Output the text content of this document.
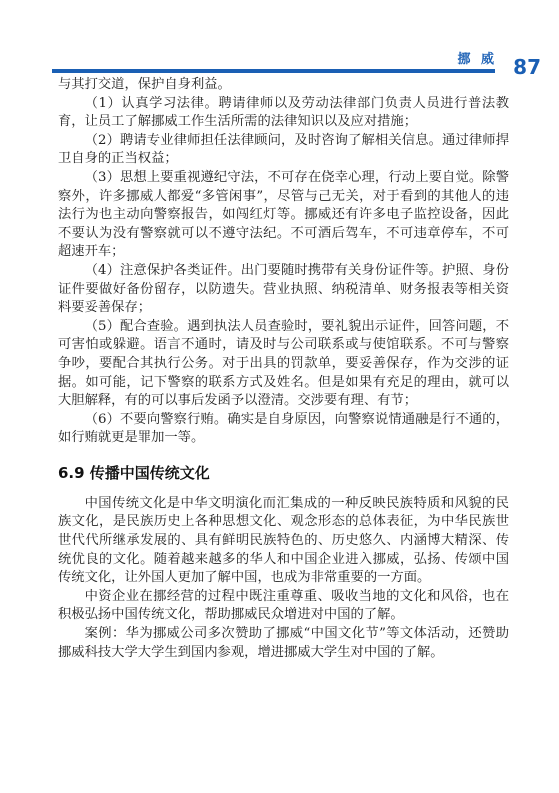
挪 威 87

与其打交道，保护自身利益。

（1）认真学习法律。聘请律师以及劳动法律部门负责人员进行普法教育，让员工了解挪威工作生活所需的法律知识以及应对措施；

（2）聘请专业律师担任法律顾问，及时咨询了解相关信息。通过律师捍卫自身的正当权益；

（3）思想上要重视遵纪守法，不可存在侥幸心理，行动上要自觉。除警察外，许多挪威人都爱“多管闲事”，尽管与己无关，对于看到的其他人的违法行为也主动向警察报告，如闯红灯等。挪威还有许多电子监控设备，因此不要认为没有警察就可以不遵守法纪。不可酒后驾车，不可违章停车，不可超速开车；

（4）注意保护各类证件。出门要随时携带有关身份证件等。护照、身份证件要做好备份留存，以防遗失。营业执照、纳税清单、财务报表等相关资料要妥善保存；

（5）配合查验。遇到执法人员查验时，要礼貌出示证件，回答问题，不可害怕或躲避。语言不通时，请及时与公司联系或与使馆联系。不可与警察争吵，要配合其执行公务。对于出具的罚款单，要妥善保存，作为交涉的证据。如可能，记下警察的联系方式及姓名。但是如果有充足的理由，就可以大胆解释，有的可以事后发函予以澄清。交涉要有理、有节；

（6）不要向警察行贿。确实是自身原因，向警察说情通融是行不通的，如行贿就更是罪加一等。

6.9 传播中国传统文化

中国传统文化是中华文明演化而汇集成的一种反映民族特质和风貌的民族文化，是民族历史上各种思想文化、观念形态的总体表征，为中华民族世世代代所继承发展的、具有鲜明民族特色的、历史悠久、内涵博大精深、传统优良的文化。随着越来越多的华人和中国企业进入挪威，弘扬、传颂中国传统文化，让外国人更加了解中国，也成为非常重要的一方面。

中资企业在挪经营的过程中既注重尊重、吸收当地的文化和风俗，也在积极弘扬中国传统文化，帮助挪威民众增进对中国的了解。

案例：华为挪威公司多次赞助了挪威“中国文化节”等文体活动，还赞助挪威科技大学大学生到国内参观，增进挪威大学生对中国的了解。
